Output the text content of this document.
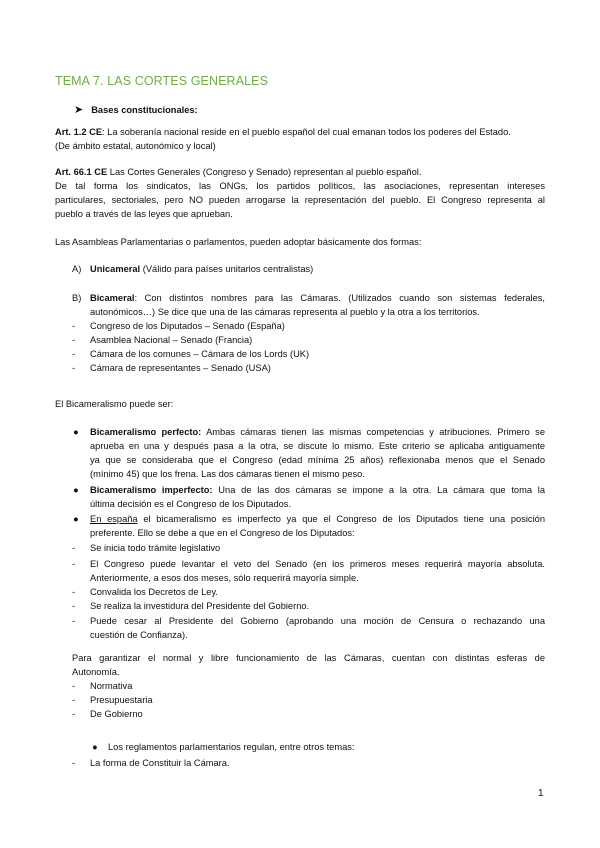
TEMA 7. LAS CORTES GENERALES
➤ Bases constitucionales:
Art. 1.2 CE: La soberanía nacional reside en el pueblo español del cual emanan todos los poderes del Estado.
(De ámbito estatal, autonómico y local)
Art. 66.1 CE Las Cortes Generales (Congreso y Senado) representan al pueblo español.
De tal forma los sindicatos, las ONGs, los partidos políticos, las asociaciones, representan intereses
particulares, sectoriales, pero NO pueden arrogarse la representación del pueblo. El Congreso representa al
pueblo a través de las leyes que aprueban.
Las Asambleas Parlamentarias o parlamentos, pueden adoptar básicamente dos formas:
A) Unicameral (Válido para países unitarios centralistas)
B) Bicameral: Con distintos nombres para las Cámaras. (Utilizados cuando son sistemas federales,
autonómicos…) Se dice que una de las cámaras representa al pueblo y la otra a los territorios.
- Congreso de los Diputados – Senado (España)
- Asamblea Nacional – Senado (Francia)
- Cámara de los comunes – Cámara de los Lords (UK)
- Cámara de representantes – Senado (USA)
El Bicameralismo puede ser:
● Bicameralismo perfecto: Ambas cámaras tienen las mismas competencias y atribuciones. Primero se
aprueba en una y después pasa a la otra, se discute lo mismo. Este criterio se aplicaba antiguamente
ya que se consideraba que el Congreso (edad mínima 25 años) reflexionaba menos que el Senado
(mínimo 45) que los frena. Las dos cámaras tienen el mismo peso.
● Bicameralismo imperfecto: Una de las dos cámaras se impone a la otra. La cámara que toma la
última decisión es el Congreso de los Diputados.
● En españa el bicameralismo es imperfecto ya que el Congreso de los Diputados tiene una posición
preferente. Ello se debe a que en el Congreso de los Diputados:
- Se inicia todo trámite legislativo
- El Congreso puede levantar el veto del Senado (en los primeros meses requerirá mayoría absoluta.
Anteriormente, a esos dos meses, sólo requerirá mayoría simple.
- Convalida los Decretos de Ley.
- Se realiza la investidura del Presidente del Gobierno.
- Puede cesar al Presidente del Gobierno (aprobando una moción de Censura o rechazando una
cuestión de Confianza).
Para garantizar el normal y libre funcionamiento de las Cámaras, cuentan con distintas esferas de
Autonomía.
- Normativa
- Presupuestaria
- De Gobierno
● Los reglamentos parlamentarios regulan, entre otros temas:
- La forma de Constituir la Cámara.
1
